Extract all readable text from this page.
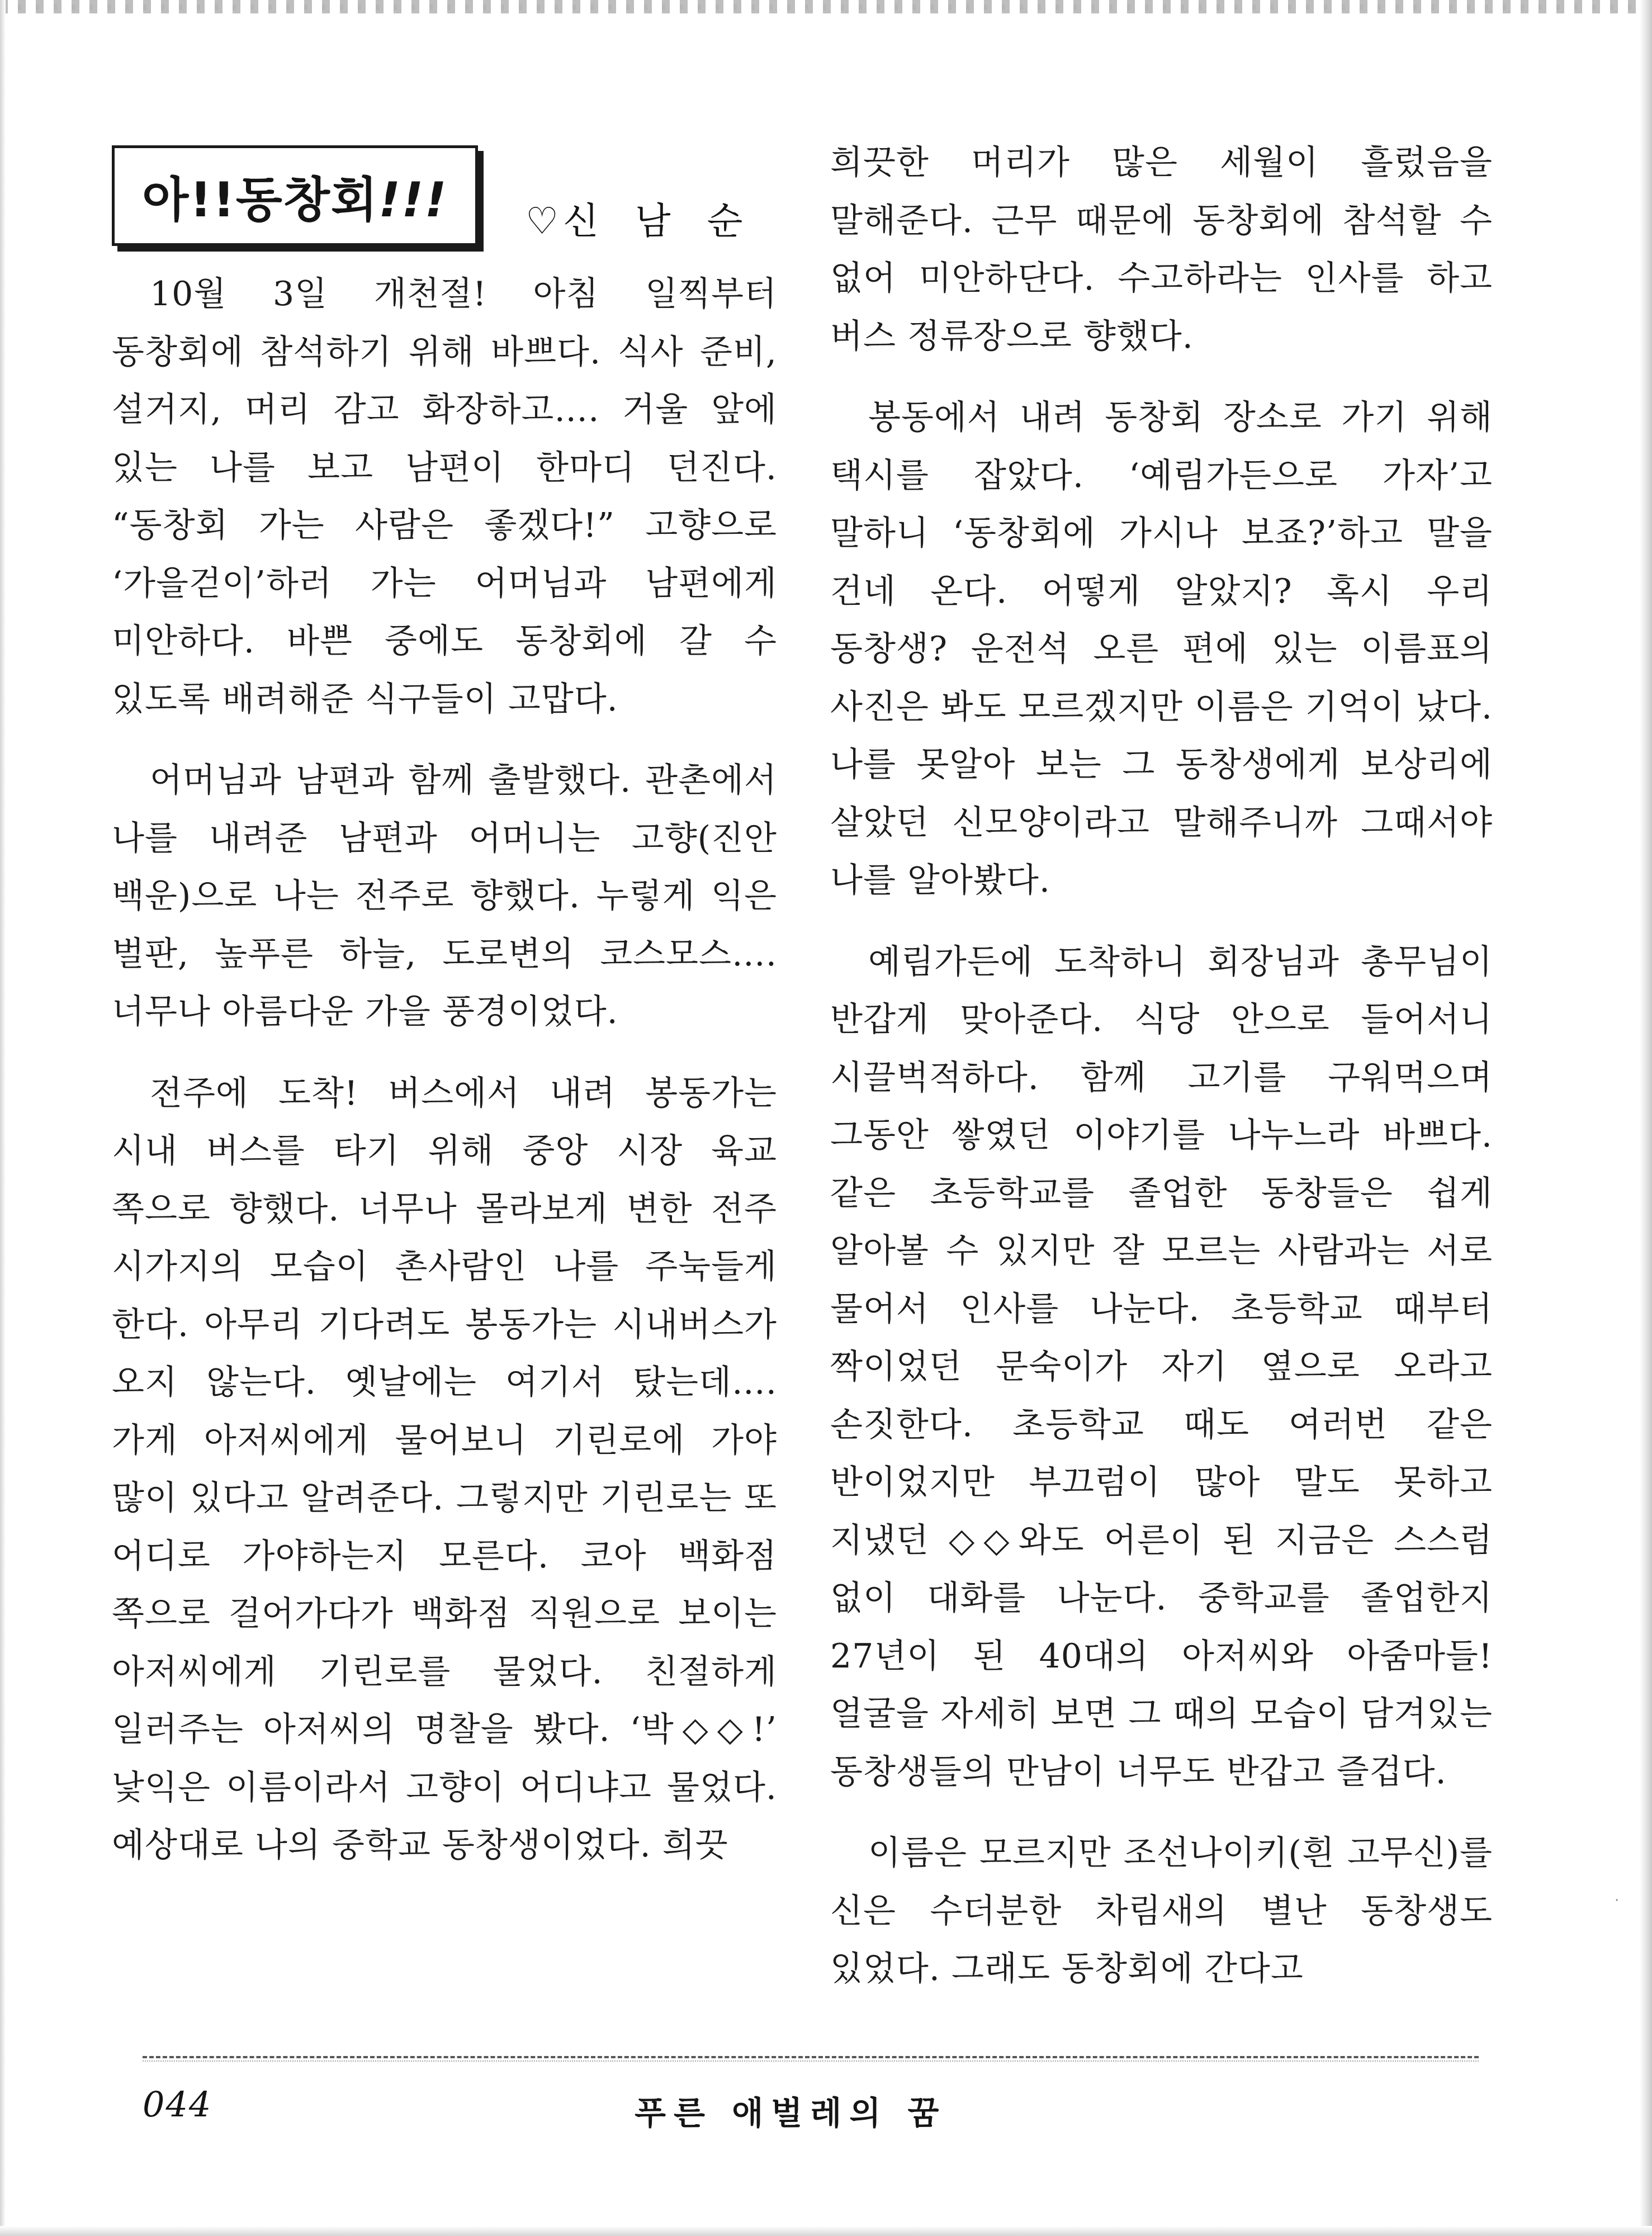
아!!동창회!!! ♡ 신 남 순

10월 3일 개천절! 아침 일찍부터 동창회에 참석하기 위해 바쁘다. 식사 준비, 설거지, 머리 감고 화장하고…. 거울 앞에 있는 나를 보고 남편이 한마디 던진다. “동창회 가는 사람은 좋겠다!” 고향으로 ‘가을걷이’하러 가는 어머님과 남편에게 미안하다. 바쁜 중에도 동창회에 갈 수 있도록 배려해준 식구들이 고맙다.

어머님과 남편과 함께 출발했다. 관촌에서 나를 내려준 남편과 어머니는 고향(진안 백운)으로 나는 전주로 향했다. 누렇게 익은 벌판, 높푸른 하늘, 도로변의 코스모스…. 너무나 아름다운 가을 풍경이었다.

전주에 도착! 버스에서 내려 봉동가는 시내 버스를 타기 위해 중앙 시장 육교 쪽으로 향했다. 너무나 몰라보게 변한 전주 시가지의 모습이 촌사람인 나를 주눅들게 한다. 아무리 기다려도 봉동가는 시내버스가 오지 않는다. 옛날에는 여기서 탔는데…. 가게 아저씨에게 물어보니 기린로에 가야 많이 있다고 알려준다. 그렇지만 기린로는 또 어디로 가야하는지 모른다. 코아 백화점 쪽으로 걸어가다가 백화점 직원으로 보이는 아저씨에게 기린로를 물었다. 친절하게 일러주는 아저씨의 명찰을 봤다. ‘박◇◇!’ 낯익은 이름이라서 고향이 어디냐고 물었다. 예상대로 나의 중학교 동창생이었다. 희끗

희끗한 머리가 많은 세월이 흘렀음을 말해준다. 근무 때문에 동창회에 참석할 수 없어 미안하단다. 수고하라는 인사를 하고 버스 정류장으로 향했다.

봉동에서 내려 동창회 장소로 가기 위해 택시를 잡았다. ‘예림가든으로 가자’고 말하니 ‘동창회에 가시나 보죠?’하고 말을 건네 온다. 어떻게 알았지? 혹시 우리 동창생? 운전석 오른 편에 있는 이름표의 사진은 봐도 모르겠지만 이름은 기억이 났다. 나를 못알아 보는 그 동창생에게 보상리에 살았던 신모양이라고 말해주니까 그때서야 나를 알아봤다.

예림가든에 도착하니 회장님과 총무님이 반갑게 맞아준다. 식당 안으로 들어서니 시끌벅적하다. 함께 고기를 구워먹으며 그동안 쌓였던 이야기를 나누느라 바쁘다. 같은 초등학교를 졸업한 동창들은 쉽게 알아볼 수 있지만 잘 모르는 사람과는 서로 물어서 인사를 나눈다. 초등학교 때부터 짝이었던 문숙이가 자기 옆으로 오라고 손짓한다. 초등학교 때도 여러번 같은 반이었지만 부끄럼이 많아 말도 못하고 지냈던 ◇◇와도 어른이 된 지금은 스스럼 없이 대화를 나눈다. 중학교를 졸업한지 27년이 된 40대의 아저씨와 아줌마들! 얼굴을 자세히 보면 그 때의 모습이 담겨있는 동창생들의 만남이 너무도 반갑고 즐겁다.

이름은 모르지만 조선나이키(흰 고무신)를 신은 수더분한 차림새의 별난 동창생도 있었다. 그래도 동창회에 간다고

044	푸른 애벌레의 꿈
·
